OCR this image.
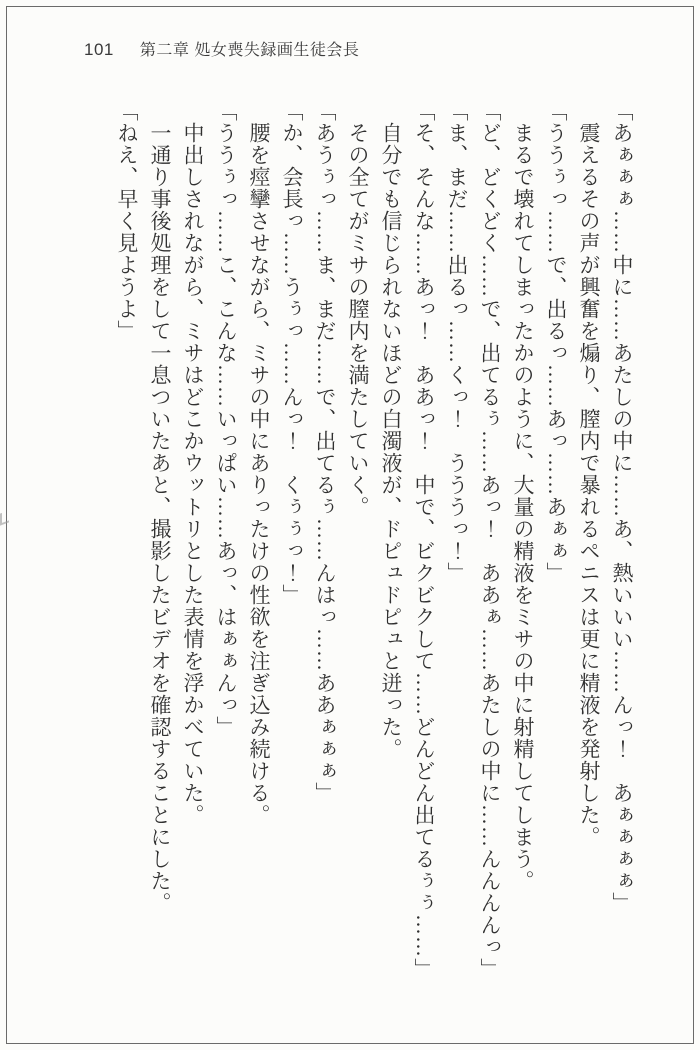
101 第二章 処女喪失録画生徒会長

「あぁぁぁ……中に……あたしの中に……あ、熱いいい……んっ！　あぁぁぁぁ」

　震えるその声が興奮を煽り、膣内で暴れるペニスは更に精液を発射した。

「ううぅっ……で、出るっ……あっ……あぁぁ」

　まるで壊れてしまったかのように、大量の精液をミサの中に射精してしまう。

「ど、どくどく……で、出てるぅ……あっ！　ああぁ……あたしの中に……んんんんっ」

「ま、まだ……出るっ……くっ！　うううっ！」

「そ、そんな……あっ！　ああっ！　中で、ビクビクして……どんどん出てるぅぅ……」

　自分でも信じられないほどの白濁液が、ドピュドピュと迸った。

　その全てがミサの膣内を満たしていく。

「あうぅっ……ま、まだ……で、出てるぅ……んはっ……ああぁぁぁ」

「か、会長っ……うぅっ……んっ！　くぅぅっ！」

　腰を痙攣させながら、ミサの中にありったけの性欲を注ぎ込み続ける。

「ううぅっ……こ、こんな……いっぱい……あっ、はぁぁんっ」

　中出しされながら、ミサはどこかウットリとした表情を浮かべていた。

　一通り事後処理をして一息ついたあと、撮影したビデオを確認することにした。

「ねえ、早く見ようよ」
